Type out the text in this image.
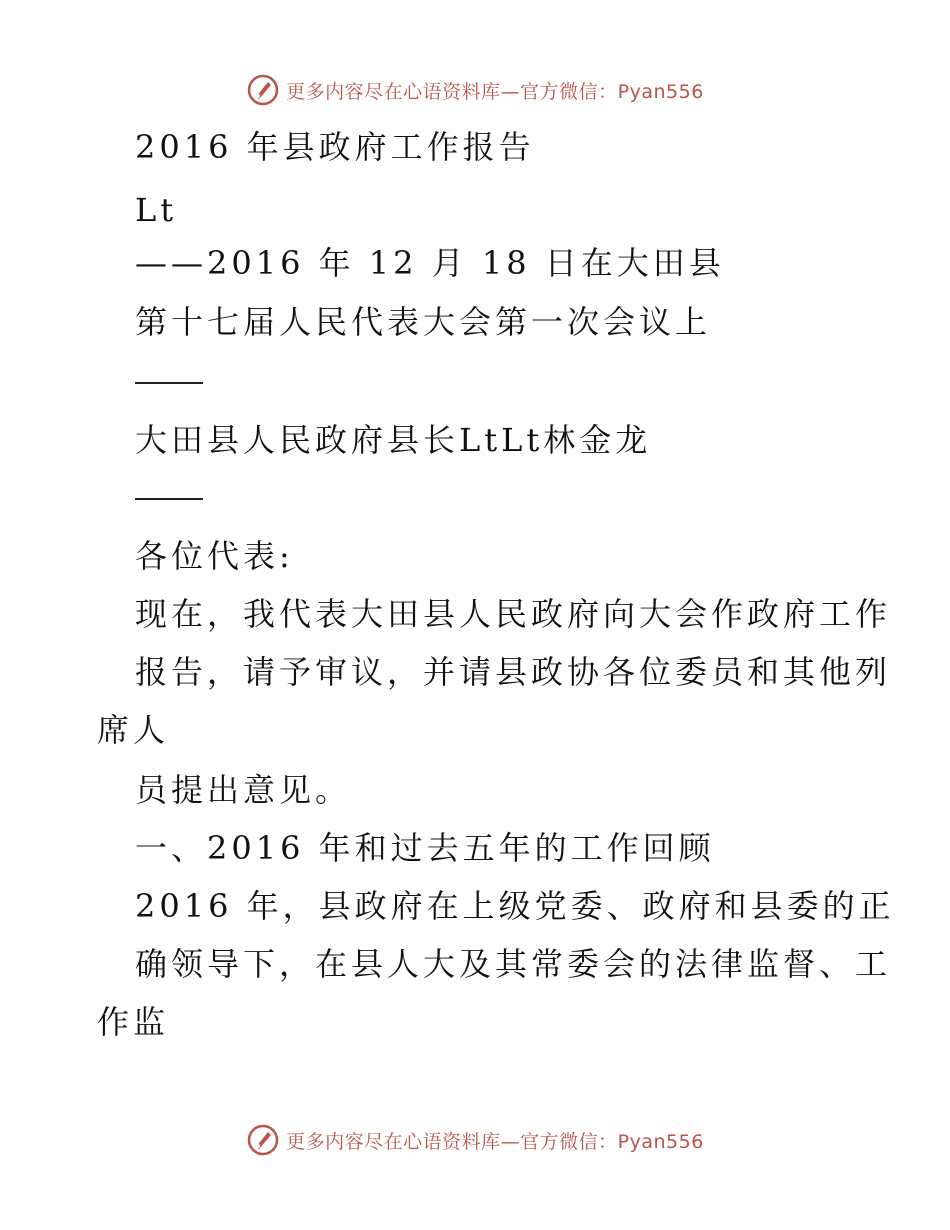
更多内容尽在心语资料库—官方微信：Pyan556
2016 年县政府工作报告
Lt
——2016 年 12 月 18 日在大田县
第十七届人民代表大会第一次会议上
大田县人民政府县长LtLt林金龙
各位代表:
现在，我代表大田县人民政府向大会作政府工作
报告，请予审议，并请县政协各位委员和其他列
席人
员提出意见。
一、2016 年和过去五年的工作回顾
2016 年，县政府在上级党委、政府和县委的正
确领导下，在县人大及其常委会的法律监督、工
作监
更多内容尽在心语资料库—官方微信：Pyan556
